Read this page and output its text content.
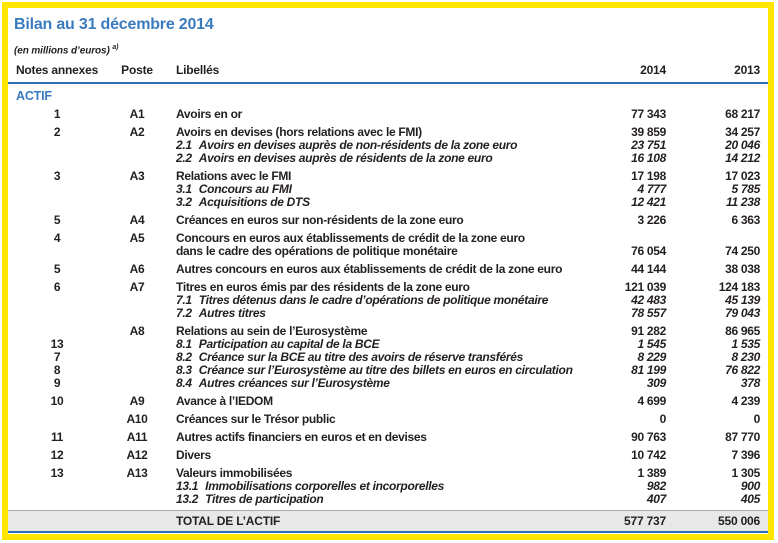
Bilan au 31 décembre 2014
(en millions d’euros) $^{a)}$
Notes annexes	Poste	Libellés	2014	2013
ACTIF
1	A1	Avoirs en or	77 343	68 217
2	A2	Avoirs en devises (hors relations avec le FMI)	39 859	34 257
2.1 Avoirs en devises auprès de non-résidents de la zone euro	23 751	20 046
2.2 Avoirs en devises auprès de résidents de la zone euro	16 108	14 212
3	A3	Relations avec le FMI	17 198	17 023
3.1 Concours au FMI	4 777	5 785
3.2 Acquisitions de DTS	12 421	11 238
5	A4	Créances en euros sur non-résidents de la zone euro	3 226	6 363
4	A5	Concours en euros aux établissements de crédit de la zone euro
dans le cadre des opérations de politique monétaire	76 054	74 250
5	A6	Autres concours en euros aux établissements de crédit de la zone euro	44 144	38 038
6	A7	Titres en euros émis par des résidents de la zone euro	121 039	124 183
7.1 Titres détenus dans le cadre d’opérations de politique monétaire	42 483	45 139
7.2 Autres titres	78 557	79 043
A8	Relations au sein de l’Eurosystème	91 282	86 965
13	8.1 Participation au capital de la BCE	1 545	1 535
7	8.2 Créance sur la BCE au titre des avoirs de réserve transférés	8 229	8 230
8	8.3 Créance sur l’Eurosystème au titre des billets en euros en circulation	81 199	76 822
9	8.4 Autres créances sur l’Eurosystème	309	378
10	A9	Avance à l’IEDOM	4 699	4 239
A10	Créances sur le Trésor public	0	0
11	A11	Autres actifs financiers en euros et en devises	90 763	87 770
12	A12	Divers	10 742	7 396
13	A13	Valeurs immobilisées	1 389	1 305
13.1 Immobilisations corporelles et incorporelles	982	900
13.2 Titres de participation	407	405
TOTAL DE L’ACTIF	577 737	550 006
